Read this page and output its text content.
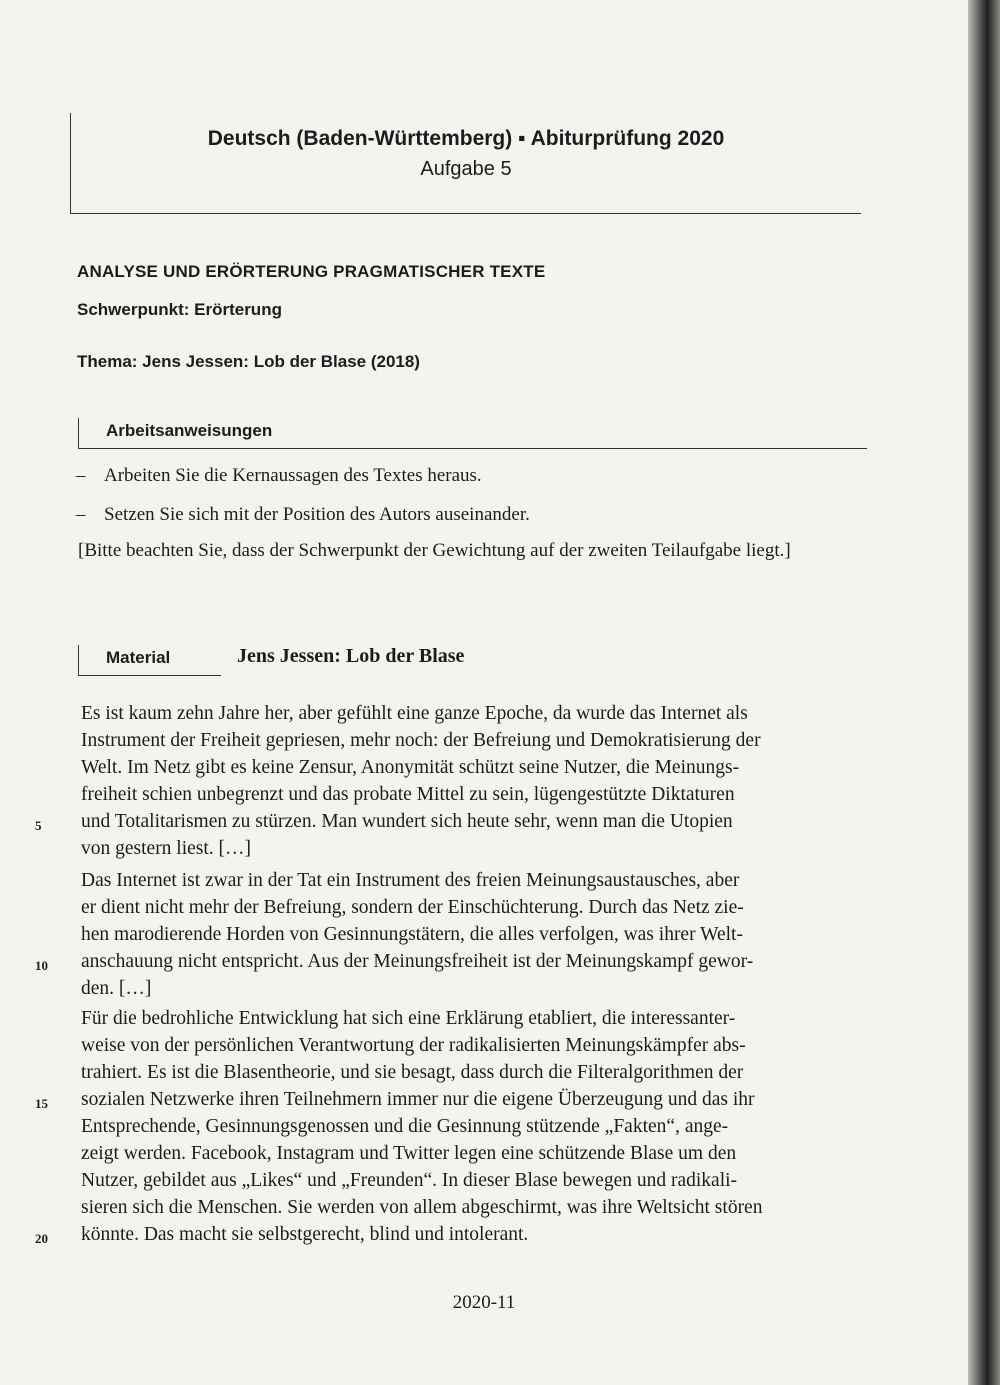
Deutsch (Baden-Württemberg) ▪ Abiturprüfung 2020
Aufgabe 5
ANALYSE UND ERÖRTERUNG PRAGMATISCHER TEXTE
Schwerpunkt: Erörterung
Thema: Jens Jessen: Lob der Blase (2018)
Arbeitsanweisungen
– Arbeiten Sie die Kernaussagen des Textes heraus.
– Setzen Sie sich mit der Position des Autors auseinander.
[Bitte beachten Sie, dass der Schwerpunkt der Gewichtung auf der zweiten Teilaufgabe liegt.]
Material	Jens Jessen: Lob der Blase
Es ist kaum zehn Jahre her, aber gefühlt eine ganze Epoche, da wurde das Internet als
Instrument der Freiheit gepriesen, mehr noch: der Befreiung und Demokratisierung der
Welt. Im Netz gibt es keine Zensur, Anonymität schützt seine Nutzer, die Meinungs-
freiheit schien unbegrenzt und das probate Mittel zu sein, lügengestützte Diktaturen
und Totalitarismen zu stürzen. Man wundert sich heute sehr, wenn man die Utopien
von gestern liest. […]
Das Internet ist zwar in der Tat ein Instrument des freien Meinungsaustausches, aber
er dient nicht mehr der Befreiung, sondern der Einschüchterung. Durch das Netz zie-
hen marodierende Horden von Gesinnungstätern, die alles verfolgen, was ihrer Welt-
anschauung nicht entspricht. Aus der Meinungsfreiheit ist der Meinungskampf gewor-
den. […]
Für die bedrohliche Entwicklung hat sich eine Erklärung etabliert, die interessanter-
weise von der persönlichen Verantwortung der radikalisierten Meinungskämpfer abs-
trahiert. Es ist die Blasentheorie, und sie besagt, dass durch die Filteralgorithmen der
sozialen Netzwerke ihren Teilnehmern immer nur die eigene Überzeugung und das ihr
Entsprechende, Gesinnungsgenossen und die Gesinnung stützende „Fakten“, ange-
zeigt werden. Facebook, Instagram und Twitter legen eine schützende Blase um den
Nutzer, gebildet aus „Likes“ und „Freunden“. In dieser Blase bewegen und radikali-
sieren sich die Menschen. Sie werden von allem abgeschirmt, was ihre Weltsicht stören
könnte. Das macht sie selbstgerecht, blind und intolerant.
5
10
15
20
2020-11
